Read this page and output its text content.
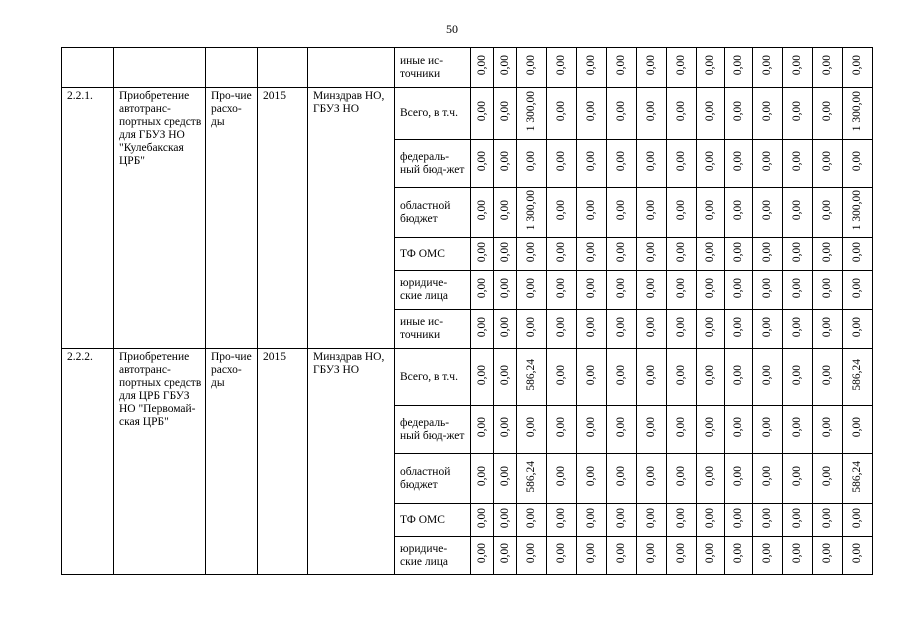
50
					иные ис- точники	0,00	0,00	0,00	0,00	0,00	0,00	0,00	0,00	0,00	0,00	0,00	0,00	0,00	0,00
2.2.1.	Приобретение автотранс-портных средств для ГБУЗ НО "Кулебакская ЦРБ"	Про-чие расхо-ды	2015	Минздрав НО, ГБУЗ НО	Всего, в т.ч.	0,00	0,00	1 300,00	0,00	0,00	0,00	0,00	0,00	0,00	0,00	0,00	0,00	0,00	1 300,00
					федераль-ный бюд-жет	0,00	0,00	0,00	0,00	0,00	0,00	0,00	0,00	0,00	0,00	0,00	0,00	0,00	0,00
					областной бюджет	0,00	0,00	1 300,00	0,00	0,00	0,00	0,00	0,00	0,00	0,00	0,00	0,00	0,00	1 300,00
					ТФ ОМС	0,00	0,00	0,00	0,00	0,00	0,00	0,00	0,00	0,00	0,00	0,00	0,00	0,00	0,00
					юридиче-ские лица	0,00	0,00	0,00	0,00	0,00	0,00	0,00	0,00	0,00	0,00	0,00	0,00	0,00	0,00
					иные ис-точники	0,00	0,00	0,00	0,00	0,00	0,00	0,00	0,00	0,00	0,00	0,00	0,00	0,00	0,00
2.2.2.	Приобретение автотранс-портных средств для ЦРБ ГБУЗ НО "Первомай-ская ЦРБ"	Про-чие расхо-ды	2015	Минздрав НО, ГБУЗ НО	Всего, в т.ч.	0,00	0,00	586,24	0,00	0,00	0,00	0,00	0,00	0,00	0,00	0,00	0,00	0,00	586,24
					федераль-ный бюд-жет	0,00	0,00	0,00	0,00	0,00	0,00	0,00	0,00	0,00	0,00	0,00	0,00	0,00	0,00
					областной бюджет	0,00	0,00	586,24	0,00	0,00	0,00	0,00	0,00	0,00	0,00	0,00	0,00	0,00	586,24
					ТФ ОМС	0,00	0,00	0,00	0,00	0,00	0,00	0,00	0,00	0,00	0,00	0,00	0,00	0,00	0,00
					юридиче-ские лица	0,00	0,00	0,00	0,00	0,00	0,00	0,00	0,00	0,00	0,00	0,00	0,00	0,00	0,00
